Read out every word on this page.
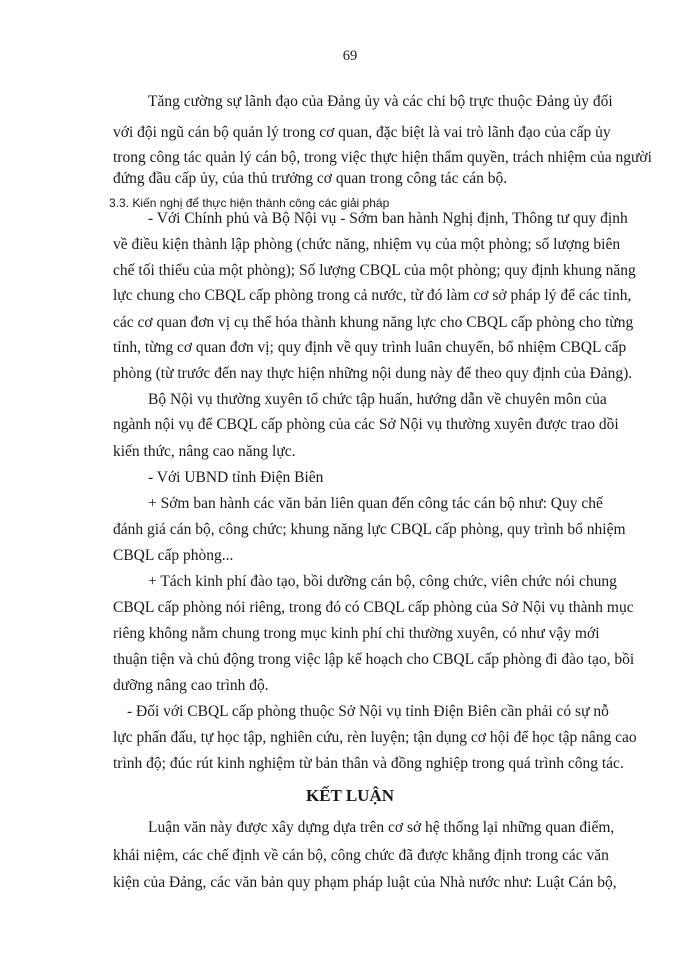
69
Tăng cường sự lãnh đạo của Đảng ủy và các chi bộ trực thuộc Đảng ủy đối
với đội ngũ cán bộ quản lý trong cơ quan, đặc biệt là vai trò lãnh đạo của cấp ủy
trong công tác quản lý cán bộ, trong việc thực hiện thẩm quyền, trách nhiệm của người
đứng đầu cấp ủy, của thủ trưởng cơ quan trong công tác cán bộ.
3.3. Kiến nghị để thực hiện thành công các giải pháp
- Với Chính phủ và Bộ Nội vụ - Sớm ban hành Nghị định, Thông tư quy định
về điều kiện thành lập phòng (chức năng, nhiệm vụ của một phòng; số lượng biên
chế tối thiểu của một phòng); Số lượng CBQL của một phòng; quy định khung năng
lực chung cho CBQL cấp phòng trong cả nước, từ đó làm cơ sở pháp lý để các tỉnh,
các cơ quan đơn vị cụ thể hóa thành khung năng lực cho CBQL cấp phòng cho từng
tỉnh, từng cơ quan đơn vị; quy định về quy trình luân chuyển, bổ nhiệm CBQL cấp
phòng (từ trước đến nay thực hiện những nội dung này để theo quy định của Đảng).
Bộ Nội vụ thường xuyên tổ chức tập huấn, hướng dẫn về chuyên môn của
ngành nội vụ để CBQL cấp phòng của các Sở Nội vụ thường xuyên được trao dồi
kiến thức, nâng cao năng lực.
- Với UBND tỉnh Điện Biên
+ Sớm ban hành các văn bản liên quan đến công tác cán bộ như: Quy chế
đánh giá cán bộ, công chức; khung năng lực CBQL cấp phòng, quy trình bổ nhiệm
CBQL cấp phòng...
+ Tách kinh phí đào tạo, bồi dưỡng cán bộ, công chức, viên chức nói chung
CBQL cấp phòng nói riêng, trong đó có CBQL cấp phòng của Sở Nội vụ thành mục
riêng không nằm chung trong mục kinh phí chi thường xuyên, có như vậy mới
thuận tiện và chủ động trong việc lập kế hoạch cho CBQL cấp phòng đi đào tạo, bồi
dưỡng nâng cao trình độ.
- Đối với CBQL cấp phòng thuộc Sở Nội vụ tỉnh Điện Biên cần phải có sự nỗ
lực phấn đấu, tự học tập, nghiên cứu, rèn luyện; tận dụng cơ hội để học tập nâng cao
trình độ; đúc rút kinh nghiệm từ bản thân và đồng nghiệp trong quá trình công tác.
KẾT LUẬN
Luận văn này được xây dựng dựa trên cơ sở hệ thống lại những quan điểm,
khái niệm, các chế định về cán bộ, công chức đã được khẳng định trong các văn
kiện của Đảng, các văn bản quy phạm pháp luật của Nhà nước như: Luật Cán bộ,
